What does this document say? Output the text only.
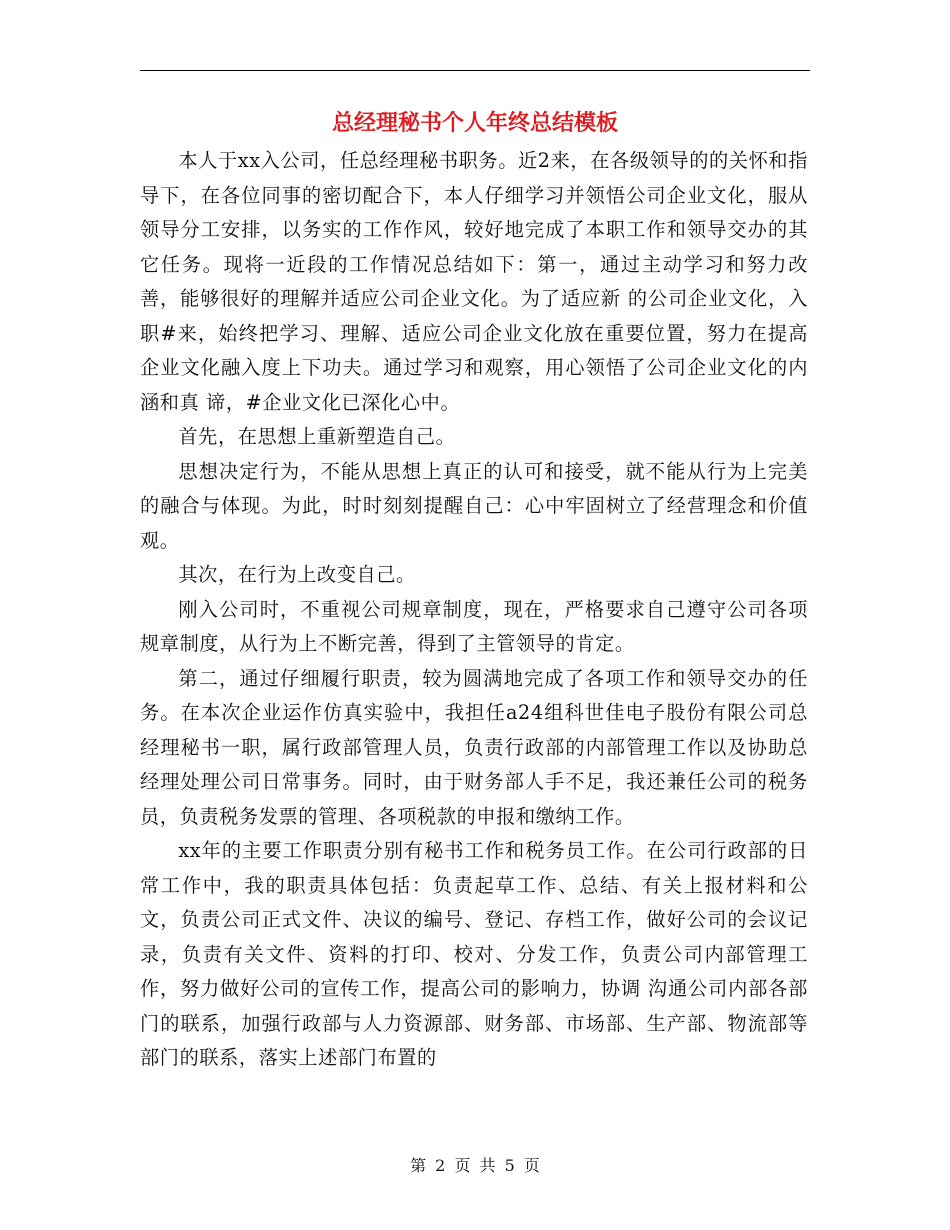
总经理秘书个人年终总结模板

本人于xx入公司，任总经理秘书职务。近2来，在各级领导的的关怀和指导下，在各位同事的密切配合下，本人仔细学习并领悟公司企业文化，服从领导分工安排，以务实的工作作风，较好地完成了本职工作和领导交办的其它任务。现将一近段的工作情况总结如下：第一，通过主动学习和努力改善，能够很好的理解并适应公司企业文化。为了适应新 的公司企业文化，入职#来，始终把学习、理解、适应公司企业文化放在重要位置，努力在提高企业文化融入度上下功夫。通过学习和观察，用心领悟了公司企业文化的内涵和真 谛，#企业文化已深化心中。

首先，在思想上重新塑造自己。

思想决定行为，不能从思想上真正的认可和接受，就不能从行为上完美的融合与体现。为此，时时刻刻提醒自己：心中牢固树立了经营理念和价值观。

其次，在行为上改变自己。

刚入公司时，不重视公司规章制度，现在，严格要求自己遵守公司各项规章制度，从行为上不断完善，得到了主管领导的肯定。

第二，通过仔细履行职责，较为圆满地完成了各项工作和领导交办的任务。在本次企业运作仿真实验中，我担任a24组科世佳电子股份有限公司总经理秘书一职，属行政部管理人员，负责行政部的内部管理工作以及协助总经理处理公司日常事务。同时，由于财务部人手不足，我还兼任公司的税务员，负责税务发票的管理、各项税款的申报和缴纳工作。

xx年的主要工作职责分别有秘书工作和税务员工作。在公司行政部的日常工作中，我的职责具体包括：负责起草工作、总结、有关上报材料和公文，负责公司正式文件、决议的编号、登记、存档工作，做好公司的会议记录，负责有关文件、资料的打印、校对、分发工作，负责公司内部管理工作，努力做好公司的宣传工作，提高公司的影响力，协调 沟通公司内部各部门的联系，加强行政部与人力资源部、财务部、市场部、生产部、物流部等部门的联系，落实上述部门布置的

第 2 页 共 5 页
